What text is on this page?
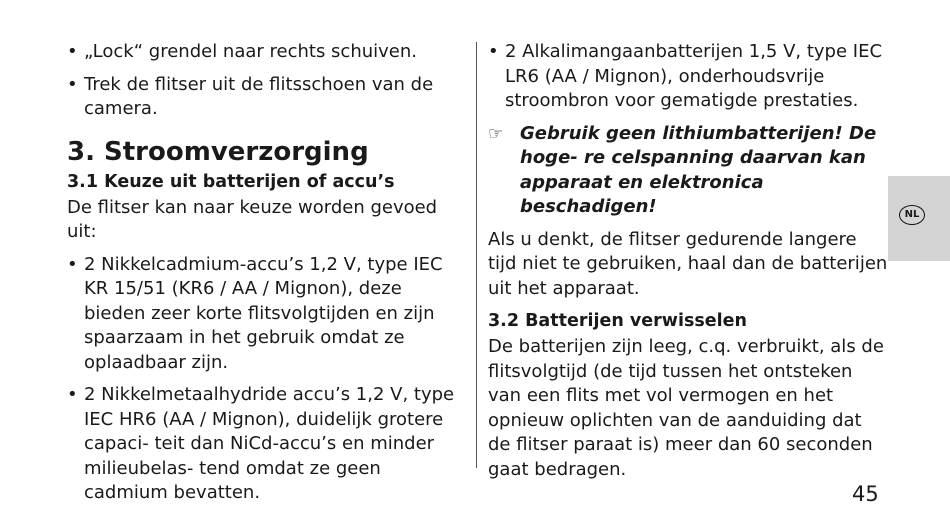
• „Lock“ grendel naar rechts schuiven.
• Trek de flitser uit de flitsschoen van de camera.
3. Stroomverzorging
3.1 Keuze uit batterijen of accu’s

De flitser kan naar keuze worden gevoed uit:

• 2 Nikkelcadmium-accu’s 1,2 V, type IEC KR 15/51 (KR6 / AA / Mignon), deze bieden zeer korte flitsvolgtijden en zijn spaarzaam in het gebruik omdat ze oplaadbaar zijn.
• 2 Nikkelmetaalhydride accu’s 1,2 V, type IEC HR6 (AA / Mignon), duidelijk grotere capaci- teit dan NiCd-accu’s en minder milieubelas- tend omdat ze geen cadmium bevatten.
• 2 Alkalimangaanbatterijen 1,5 V, type IEC LR6 (AA / Mignon), onderhoudsvrije stroombron voor gematigde prestaties.
☞ Gebruik geen lithiumbatterijen! De hoge- re celspanning daarvan kan apparaat en elektronica beschadigen!

Als u denkt, de flitser gedurende langere tijd niet te gebruiken, haal dan de batterijen uit het apparaat.

3.2 Batterijen verwisselen

De batterijen zijn leeg, c.q. verbruikt, als de flitsvolgtijd (de tijd tussen het ontsteken van een flits met vol vermogen en het opnieuw oplichten van de aanduiding dat de flitser paraat is) meer dan 60 seconden gaat bedragen.

NL
45
